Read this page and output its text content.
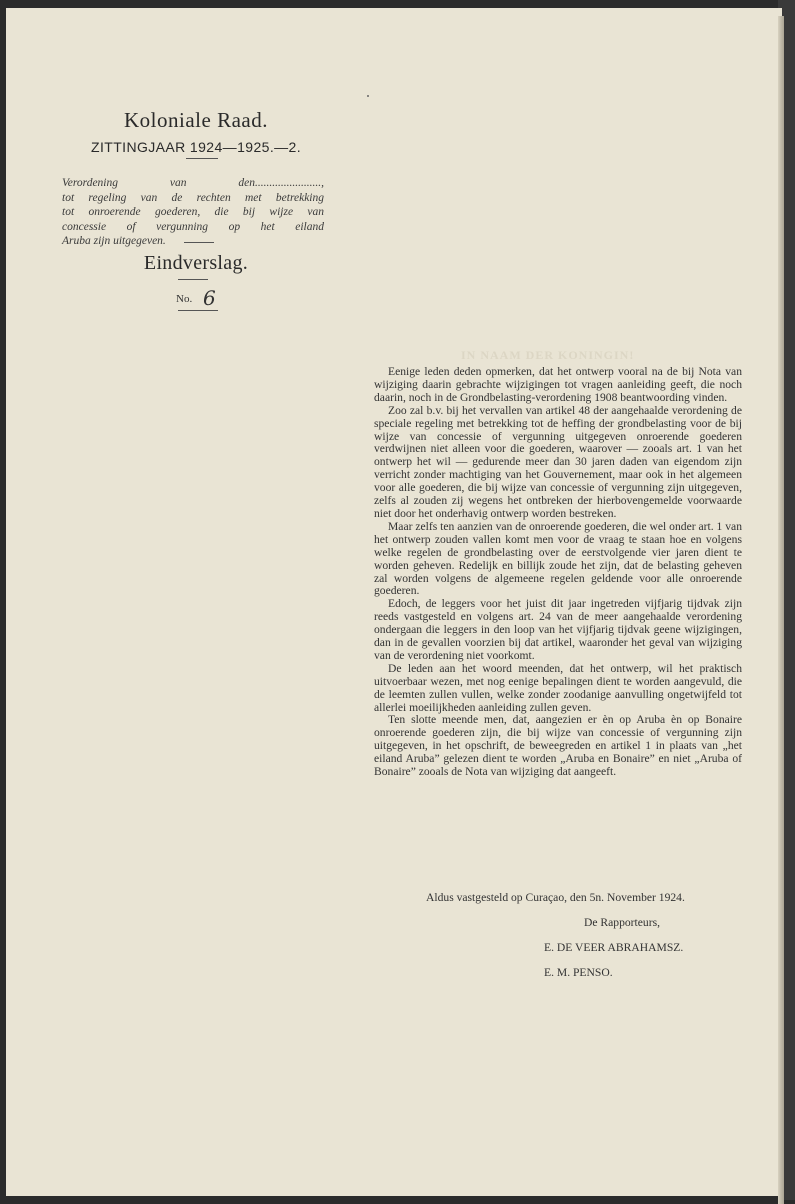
Koloniale Raad.
ZITTINGJAAR 1924—1925.—2.
Verordening van den.......................,
tot regeling van de rechten met betrekking
tot onroerende goederen, die bij wijze van
concessie of vergunning op het eiland
Aruba zijn uitgegeven.
Eindverslag.
No. 6
IN NAAM DER KONINGIN!

Eenige leden deden opmerken, dat het ontwerp vooral na de bij Nota van wijziging daarin gebrachte wijzigingen tot vragen aanleiding geeft, die noch daarin, noch in de Grondbelasting-verordening 1908 beantwoording vinden.

Zoo zal b.v. bij het vervallen van artikel 48 der aangehaalde verordening de speciale regeling met betrekking tot de heffing der grondbelasting voor de bij wijze van concessie of vergunning uitgegeven onroerende goederen verdwijnen niet alleen voor die goederen, waarover — zooals art. 1 van het ontwerp het wil — gedurende meer dan 30 jaren daden van eigendom zijn verricht zonder machtiging van het Gouvernement, maar ook in het algemeen voor alle goederen, die bij wijze van concessie of vergunning zijn uitgegeven, zelfs al zouden zij wegens het ontbreken der hierbovengemelde voorwaarde niet door het onderhavig ontwerp worden bestreken.

Maar zelfs ten aanzien van de onroerende goederen, die wel onder art. 1 van het ontwerp zouden vallen komt men voor de vraag te staan hoe en volgens welke regelen de grondbelasting over de eerstvolgende vier jaren dient te worden geheven. Redelijk en billijk zoude het zijn, dat de belasting geheven zal worden volgens de algemeene regelen geldende voor alle onroerende goederen.

Edoch, de leggers voor het juist dit jaar ingetreden vijfjarig tijdvak zijn reeds vastgesteld en volgens art. 24 van de meer aangehaalde verordening ondergaan die leggers in den loop van het vijfjarig tijdvak geene wijzigingen, dan in de gevallen voorzien bij dat artikel, waaronder het geval van wijziging van de verordening niet voorkomt.

De leden aan het woord meenden, dat het ontwerp, wil het praktisch uitvoerbaar wezen, met nog eenige bepalingen dient te worden aangevuld, die de leemten zullen vullen, welke zonder zoodanige aanvulling ongetwijfeld tot allerlei moeilijkheden aanleiding zullen geven.

Ten slotte meende men, dat, aangezien er èn op Aruba èn op Bonaire onroerende goederen zijn, die bij wijze van concessie of vergunning zijn uitgegeven, in het opschrift, de beweegreden en artikel 1 in plaats van „het eiland Aruba” gelezen dient te worden „Aruba en Bonaire” en niet „Aruba of Bonaire” zooals de Nota van wijziging dat aangeeft.

Aldus vastgesteld op Curaçao, den 5n. November 1924.
De Rapporteurs,
E. DE VEER ABRAHAMSZ.
E. M. PENSO.
